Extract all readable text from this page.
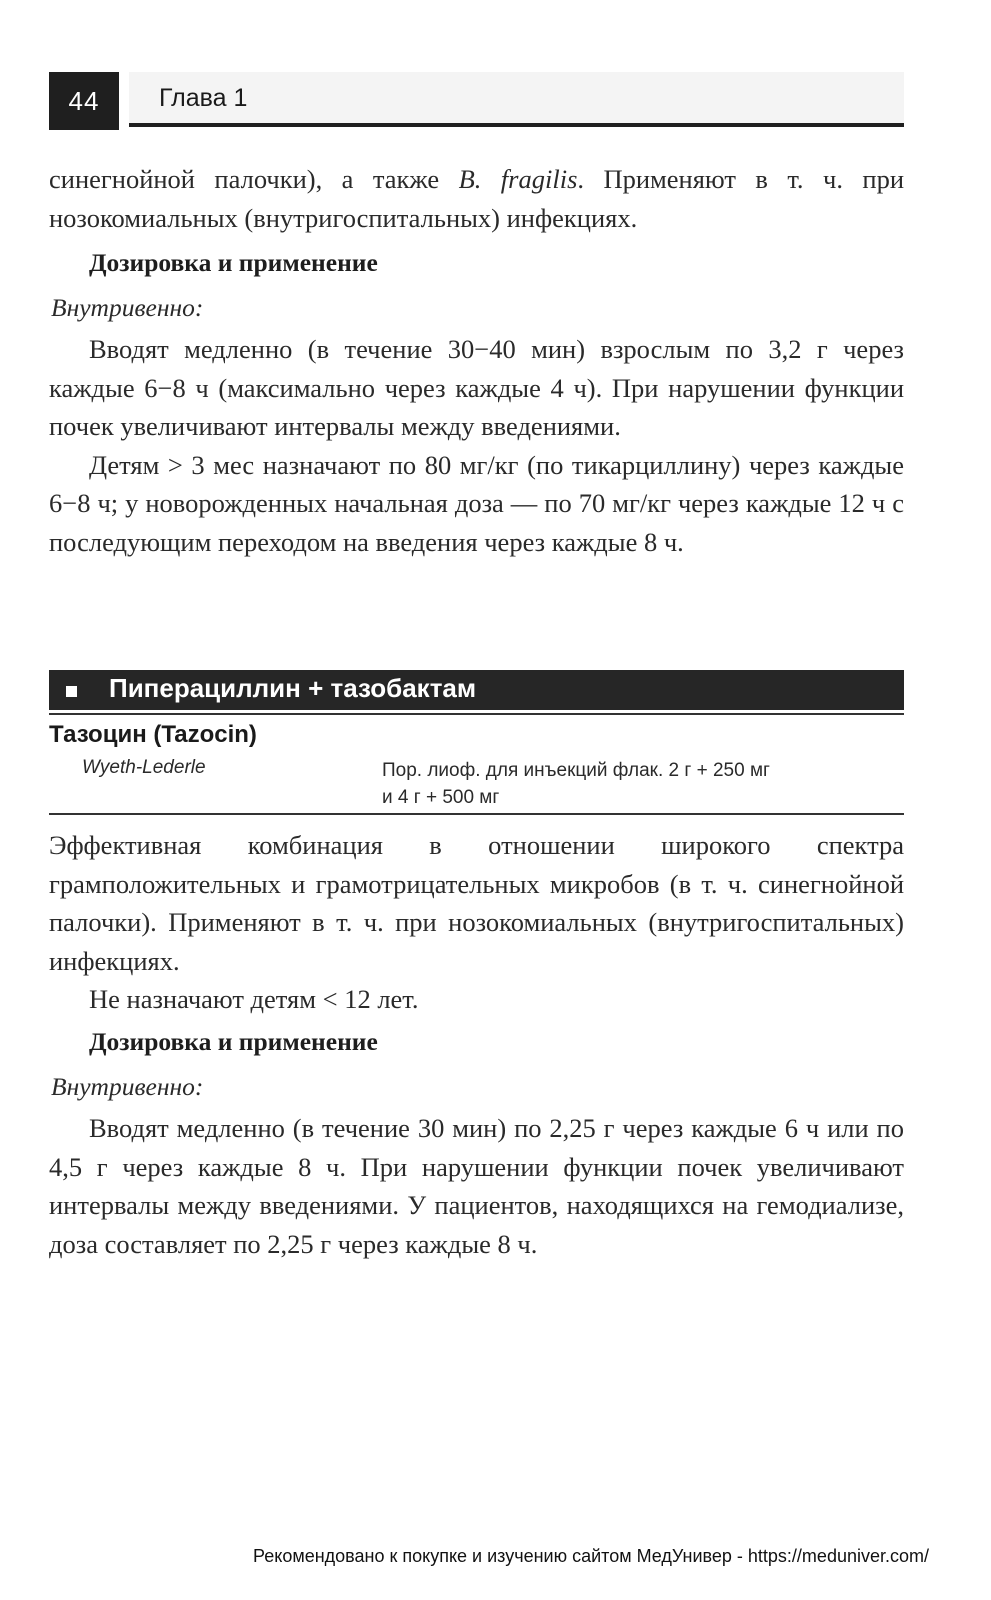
44	Глава 1

синегнойной палочки), а также B. fragilis. Применяют в т. ч. при нозокомиальных (внутригоспитальных) инфекциях.

Дозировка и применение

Внутривенно:

Вводят медленно (в течение 30−40 мин) взрослым по 3,2 г через каждые 6−8 ч (максимально через каждые 4 ч). При нарушении функции почек увеличивают интервалы между введениями.

Детям > 3 мес назначают по 80 мг/кг (по тикарциллину) через каждые 6−8 ч; у новорожденных начальная доза — по 70 мг/кг через каждые 12 ч с последующим переходом на введения через каждые 8 ч.

Пиперациллин + тазобактам
Тазоцин (Tazocin)
Wyeth-Lederle	Пор. лиоф. для инъекций флак. 2 г + 250 мг
и 4 г + 500 мг

Эффективная комбинация в отношении широкого спектра грамположительных и грамотрицательных микробов (в т. ч. синегнойной палочки). Применяют в т. ч. при нозокомиальных (внутригоспитальных) инфекциях.

Не назначают детям < 12 лет.

Дозировка и применение

Внутривенно:

Вводят медленно (в течение 30 мин) по 2,25 г через каждые 6 ч или по 4,5 г через каждые 8 ч. При нарушении функции почек увеличивают интервалы между введениями. У пациентов, находящихся на гемодиализе, доза составляет по 2,25 г через каждые 8 ч.

Рекомендовано к покупке и изучению сайтом МедУнивер - https://meduniver.com/
